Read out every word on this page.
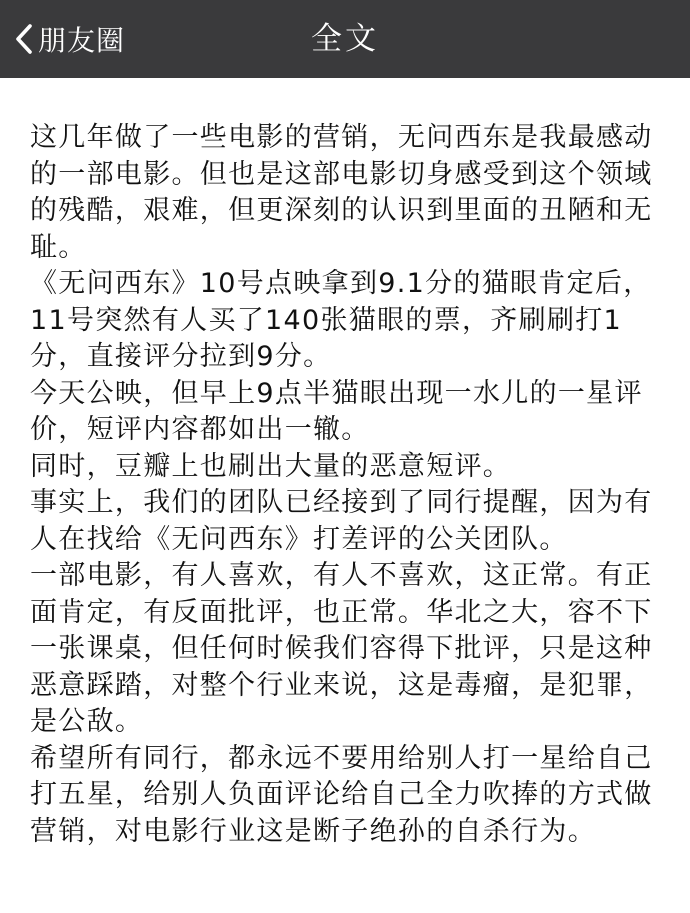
朋友圈	全文

这几年做了一些电影的营销，无问西东是我最感动的一部电影。但也是这部电影切身感受到这个领域的残酷，艰难，但更深刻的认识到里面的丑陋和无耻。

《无问西东》10号点映拿到9.1分的猫眼肯定后，11号突然有人买了140张猫眼的票，齐刷刷打1分，直接评分拉到9分。

今天公映，但早上9点半猫眼出现一水儿的一星评价，短评内容都如出一辙。

同时，豆瓣上也刷出大量的恶意短评。

事实上，我们的团队已经接到了同行提醒，因为有人在找给《无问西东》打差评的公关团队。

一部电影，有人喜欢，有人不喜欢，这正常。有正面肯定，有反面批评，也正常。华北之大，容不下一张课桌，但任何时候我们容得下批评，只是这种恶意踩踏，对整个行业来说，这是毒瘤，是犯罪，是公敌。

希望所有同行，都永远不要用给别人打一星给自己打五星，给别人负面评论给自己全力吹捧的方式做营销，对电影行业这是断子绝孙的自杀行为。
